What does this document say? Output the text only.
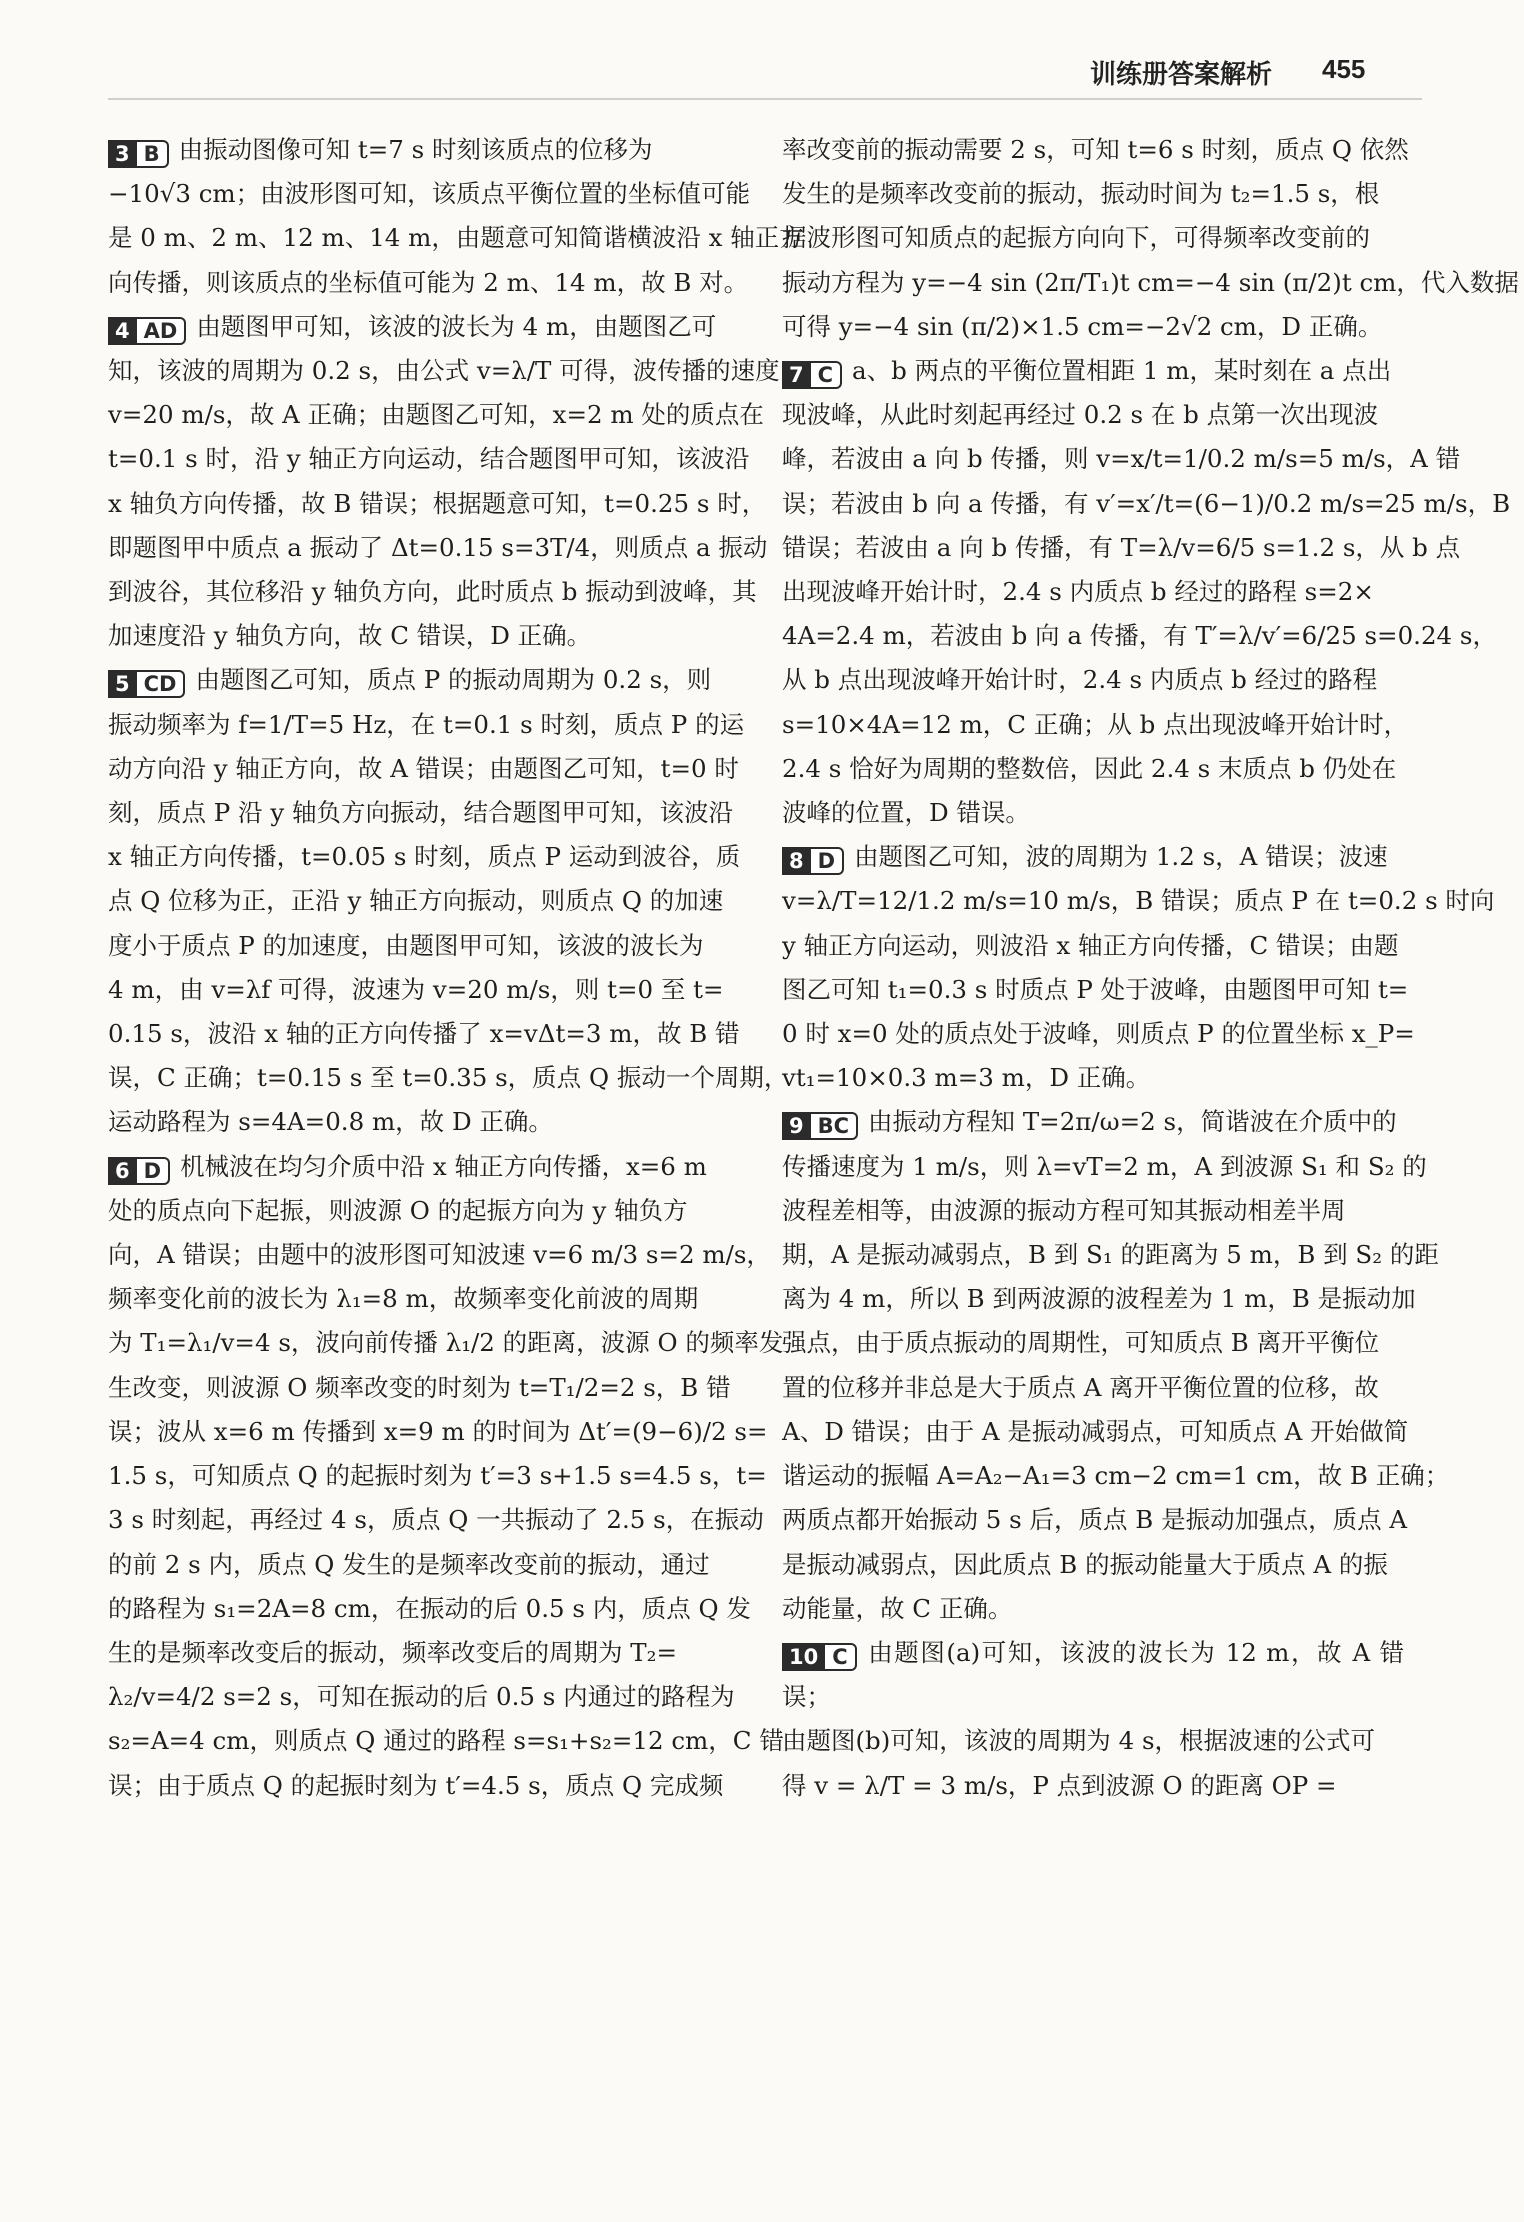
训练册答案解析 455

3 B 由振动图像可知 t=7 s 时刻该质点的位移为
−10√3 cm；由波形图可知，该质点平衡位置的坐标值可能
是 0 m、2 m、12 m、14 m，由题意可知简谐横波沿 x 轴正方
向传播，则该质点的坐标值可能为 2 m、14 m，故 B 对。

4 AD 由题图甲可知，该波的波长为 4 m，由题图乙可
知，该波的周期为 0.2 s，由公式 v=λ/T 可得，波传播的速度
v=20 m/s，故 A 正确；由题图乙可知，x=2 m 处的质点在
t=0.1 s 时，沿 y 轴正方向运动，结合题图甲可知，该波沿
x 轴负方向传播，故 B 错误；根据题意可知，t=0.25 s 时，
即题图甲中质点 a 振动了 Δt=0.15 s=3T/4，则质点 a 振动
到波谷，其位移沿 y 轴负方向，此时质点 b 振动到波峰，其
加速度沿 y 轴负方向，故 C 错误，D 正确。

5 CD 由题图乙可知，质点 P 的振动周期为 0.2 s，则
振动频率为 f=1/T=5 Hz，在 t=0.1 s 时刻，质点 P 的运
动方向沿 y 轴正方向，故 A 错误；由题图乙可知，t=0 时
刻，质点 P 沿 y 轴负方向振动，结合题图甲可知，该波沿
x 轴正方向传播，t=0.05 s 时刻，质点 P 运动到波谷，质
点 Q 位移为正，正沿 y 轴正方向振动，则质点 Q 的加速
度小于质点 P 的加速度，由题图甲可知，该波的波长为
4 m，由 v=λf 可得，波速为 v=20 m/s，则 t=0 至 t=
0.15 s，波沿 x 轴的正方向传播了 x=vΔt=3 m，故 B 错
误，C 正确；t=0.15 s 至 t=0.35 s，质点 Q 振动一个周期，
运动路程为 s=4A=0.8 m，故 D 正确。

6 D 机械波在均匀介质中沿 x 轴正方向传播，x=6 m
处的质点向下起振，则波源 O 的起振方向为 y 轴负方
向，A 错误；由题中的波形图可知波速 v=6 m/3 s=2 m/s，
频率变化前的波长为 λ₁=8 m，故频率变化前波的周期
为 T₁=λ₁/v=4 s，波向前传播 λ₁/2 的距离，波源 O 的频率发
生改变，则波源 O 频率改变的时刻为 t=T₁/2=2 s，B 错
误；波从 x=6 m 传播到 x=9 m 的时间为 Δt′=(9−6)/2 s=
1.5 s，可知质点 Q 的起振时刻为 t′=3 s+1.5 s=4.5 s，t=
3 s 时刻起，再经过 4 s，质点 Q 一共振动了 2.5 s，在振动
的前 2 s 内，质点 Q 发生的是频率改变前的振动，通过
的路程为 s₁=2A=8 cm，在振动的后 0.5 s 内，质点 Q 发
生的是频率改变后的振动，频率改变后的周期为 T₂=
λ₂/v=4/2 s=2 s，可知在振动的后 0.5 s 内通过的路程为
s₂=A=4 cm，则质点 Q 通过的路程 s=s₁+s₂=12 cm，C 错
误；由于质点 Q 的起振时刻为 t′=4.5 s，质点 Q 完成频

率改变前的振动需要 2 s，可知 t=6 s 时刻，质点 Q 依然
发生的是频率改变前的振动，振动时间为 t₂=1.5 s，根
据波形图可知质点的起振方向向下，可得频率改变前的
振动方程为 y=−4 sin (2π/T₁)t cm=−4 sin (π/2)t cm，代入数据
可得 y=−4 sin (π/2)×1.5 cm=−2√2 cm，D 正确。

7 C a、b 两点的平衡位置相距 1 m，某时刻在 a 点出
现波峰，从此时刻起再经过 0.2 s 在 b 点第一次出现波
峰，若波由 a 向 b 传播，则 v=x/t=1/0.2 m/s=5 m/s，A 错
误；若波由 b 向 a 传播，有 v′=x′/t=(6−1)/0.2 m/s=25 m/s，B
错误；若波由 a 向 b 传播，有 T=λ/v=6/5 s=1.2 s，从 b 点
出现波峰开始计时，2.4 s 内质点 b 经过的路程 s=2×
4A=2.4 m，若波由 b 向 a 传播，有 T′=λ/v′=6/25 s=0.24 s，
从 b 点出现波峰开始计时，2.4 s 内质点 b 经过的路程
s=10×4A=12 m，C 正确；从 b 点出现波峰开始计时，
2.4 s 恰好为周期的整数倍，因此 2.4 s 末质点 b 仍处在
波峰的位置，D 错误。

8 D 由题图乙可知，波的周期为 1.2 s，A 错误；波速
v=λ/T=12/1.2 m/s=10 m/s，B 错误；质点 P 在 t=0.2 s 时向
y 轴正方向运动，则波沿 x 轴正方向传播，C 错误；由题
图乙可知 t₁=0.3 s 时质点 P 处于波峰，由题图甲可知 t=
0 时 x=0 处的质点处于波峰，则质点 P 的位置坐标 x_P=
vt₁=10×0.3 m=3 m，D 正确。

9 BC 由振动方程知 T=2π/ω=2 s，简谐波在介质中的
传播速度为 1 m/s，则 λ=vT=2 m，A 到波源 S₁ 和 S₂ 的
波程差相等，由波源的振动方程可知其振动相差半周
期，A 是振动减弱点，B 到 S₁ 的距离为 5 m，B 到 S₂ 的距
离为 4 m，所以 B 到两波源的波程差为 1 m，B 是振动加
强点，由于质点振动的周期性，可知质点 B 离开平衡位
置的位移并非总是大于质点 A 离开平衡位置的位移，故
A、D 错误；由于 A 是振动减弱点，可知质点 A 开始做简
谐运动的振幅 A=A₂−A₁=3 cm−2 cm=1 cm，故 B 正确；
两质点都开始振动 5 s 后，质点 B 是振动加强点，质点 A
是振动减弱点，因此质点 B 的振动能量大于质点 A 的振
动能量，故 C 正确。

10 C 由题图(a)可知，该波的波长为 12 m，故 A 错误；
由题图(b)可知，该波的周期为 4 s，根据波速的公式可
得 v = λ/T = 3 m/s，P 点到波源 O 的距离 OP =
